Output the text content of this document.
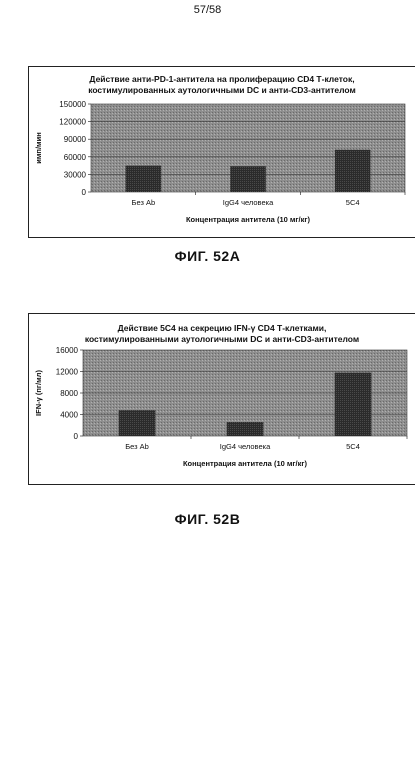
57/58
Действие анти-PD-1-антитела на пролиферацию CD4 Т-клеток,
костимулированных аутологичными DC и анти-CD3-антителом
150000
120000
90000
60000
30000
0
Без Ab	IgG4 человека	5C4
Концентрация антитела (10 мг/кг)
имп/мин
ФИГ. 52А
Действие 5C4 на секрецию IFN-γ CD4 Т-клетками,
костимулированными аутологичными DC и анти-CD3-антителом
16000
12000
8000
4000
0
Без Ab	IgG4 человека	5C4
Концентрация антитела (10 мг/кг)
IFN-γ (пг/мл)
ФИГ. 52В
